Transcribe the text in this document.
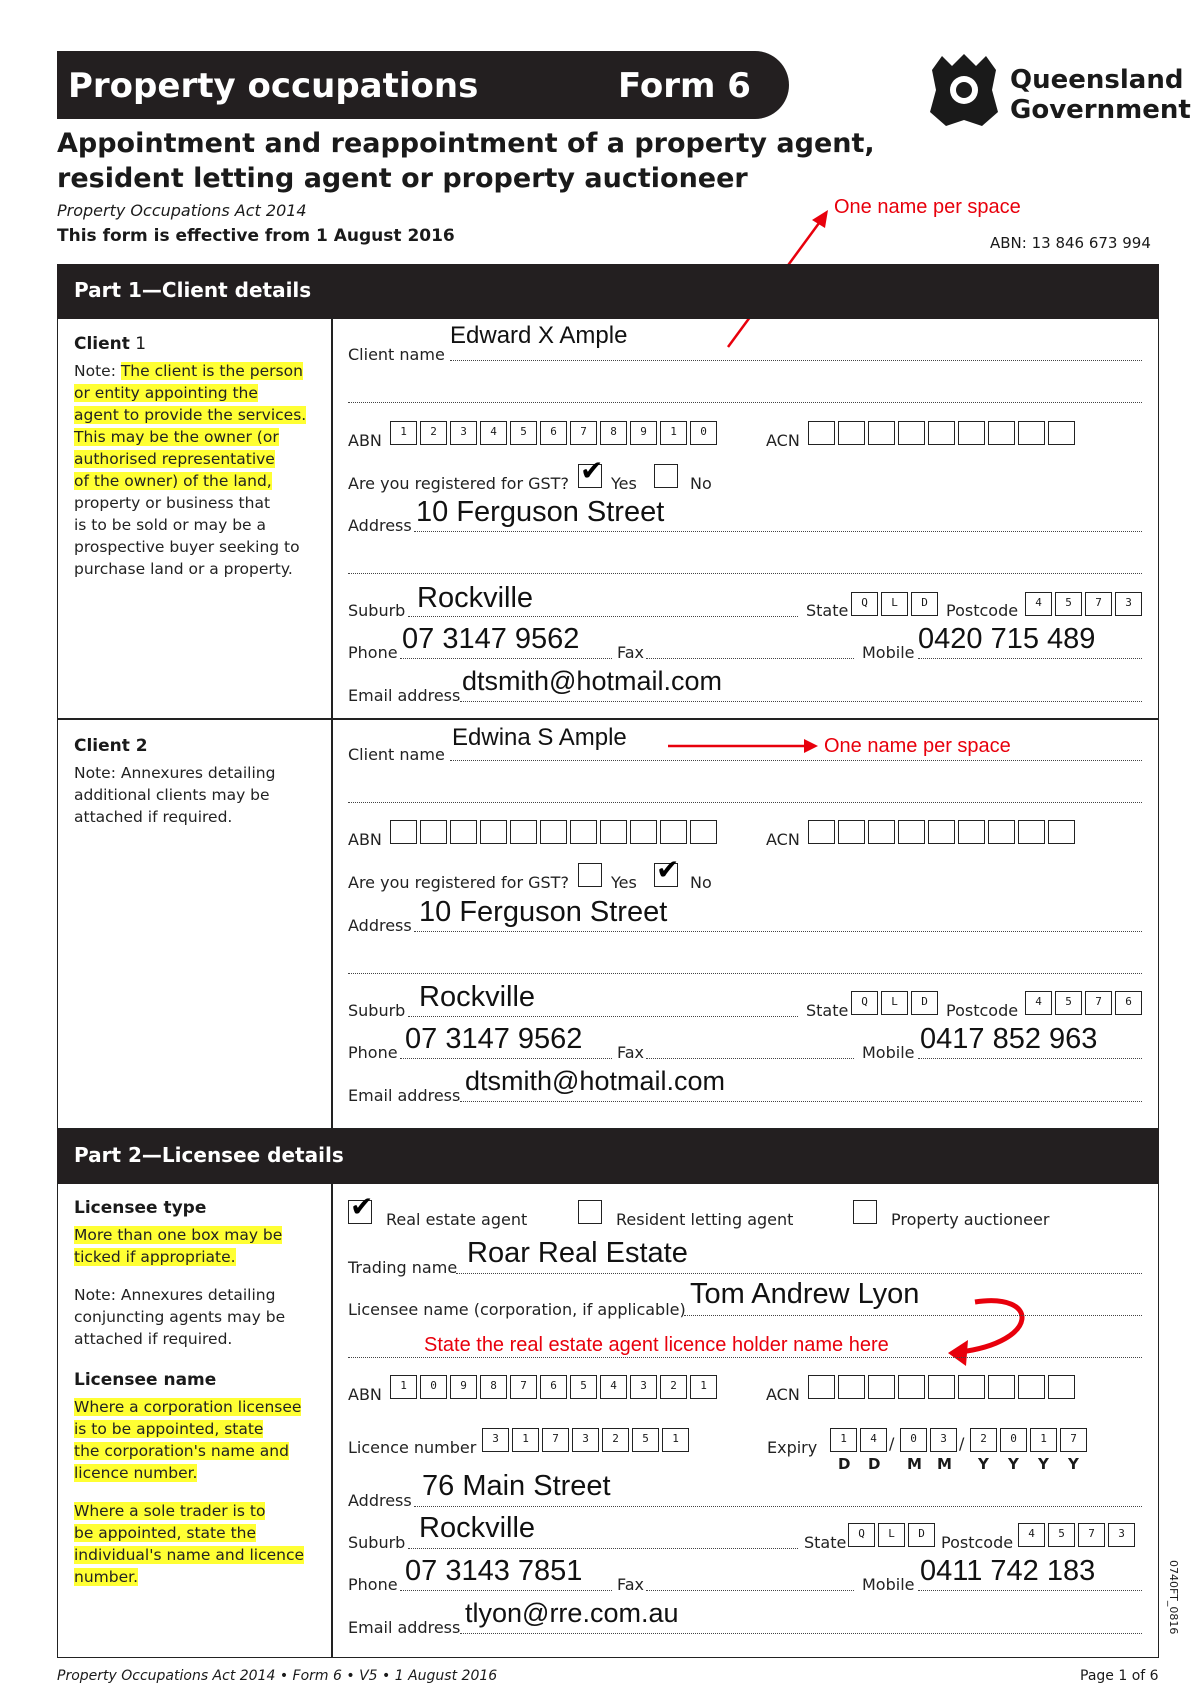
Property occupations	Form 6	Queensland
Government
Appointment and reappointment of a property agent,
resident letting agent or property auctioneer
Property Occupations Act 2014
This form is effective from 1 August 2016	ABN: 13 846 673 994
One name per space
One name per space
State the real estate agent licence holder name here
Part 1—Client details
Client 1
Note: The client is the person
or entity appointing the
agent to provide the services.
This may be the owner (or
authorised representative
of the owner) of the land,
property or business that
is to be sold or may be a
prospective buyer seeking to
purchase land or a property.
Client name
Edward X Ample
ABN	1	2	3	4	5	6	7	8	9	1	0	ACN
Are you registered for GST? ✔ Yes	No
Address 10 Ferguson Street
Suburb Rockville	State	Q	L	D	Postcode	4	5	7	3
Phone 07 3147 9562 Fax	Mobile 0420 715 489
Email address dtsmith@hotmail.com
Client 2
Note: Annexures detailing
additional clients may be
attached if required.
Client name
Edwina S Ample
ABN	ACN
Are you registered for GST?	Yes ✔ No
Address 10 Ferguson Street
Suburb Rockville	State	Q	L	D	Postcode	4	5	7	6
Phone 07 3147 9562 Fax	Mobile 0417 852 963
Email address dtsmith@hotmail.com
Part 2—Licensee details
Licensee type
More than one box may be
ticked if appropriate.
Note: Annexures detailing
conjuncting agents may be
attached if required.
Licensee name
Where a corporation licensee
is to be appointed, state
the corporation's name and
licence number.
Where a sole trader is to
be appointed, state the
individual's name and licence
number.
✔ Real estate agent	Resident letting agent	Property auctioneer
Trading name Roar Real Estate
Licensee name (corporation, if applicable) Tom Andrew Lyon
ABN	1	0	9	8	7	6	5	4	3	2	1	ACN
Licence number	3	1	7	3	2	5	1	Expiry	1	4 /	0	3 /	2	0	1	7
D D M M Y Y Y Y
Address 76 Main Street
Suburb Rockville	State	Q	L	D	Postcode	4	5	7	3
Phone 07 3143 7851 Fax	Mobile 0411 742 183
Email address tlyon@rre.com.au	0740FT_0816
Property Occupations Act 2014 • Form 6 • V5 • 1 August 2016	Page 1 of 6
